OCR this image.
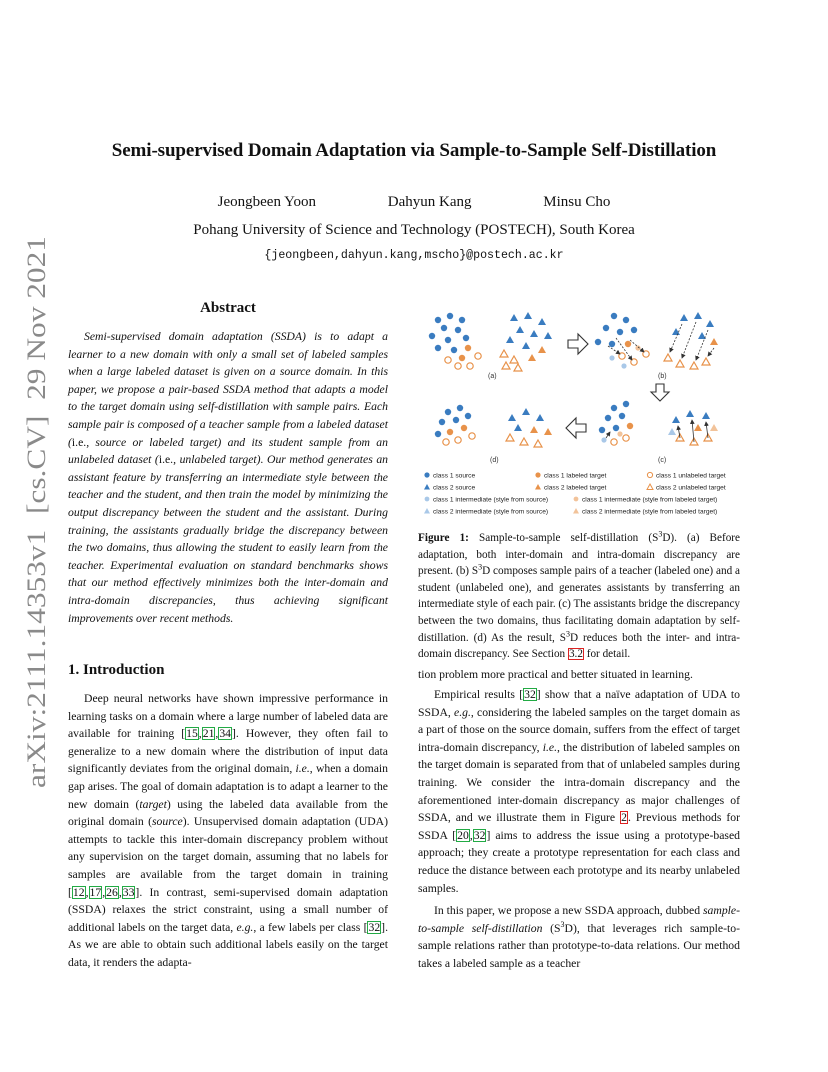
arXiv:2111.14353v1  [cs.CV]  29 Nov 2021
Semi-supervised Domain Adaptation via Sample-to-Sample Self-Distillation
Jeongbeen Yoon	Dahyun Kang	Minsu Cho
Pohang University of Science and Technology (POSTECH), South Korea
{jeongbeen,dahyun.kang,mscho}@postech.ac.kr
Abstract

Semi-supervised domain adaptation (SSDA) is to adapt a learner to a new domain with only a small set of labeled samples when a large labeled dataset is given on a source domain. In this paper, we propose a pair-based SSDA method that adapts a model to the target domain using self-distillation with sample pairs. Each sample pair is composed of a teacher sample from a labeled dataset (i.e., source or labeled target) and its student sample from an unlabeled dataset (i.e., unlabeled target). Our method generates an assistant feature by transferring an intermediate style between the teacher and the student, and then train the model by minimizing the output discrepancy between the student and the assistant. During training, the assistants gradually bridge the discrepancy between the two domains, thus allowing the student to easily learn from the teacher. Experimental evaluation on standard benchmarks shows that our method effectively minimizes both the inter-domain and intra-domain discrepancies, thus achieving significant improvements over recent methods.

1. Introduction

Deep neural networks have shown impressive performance in learning tasks on a domain where a large number of labeled data are available for training [15,21,34]. However, they often fail to generalize to a new domain where the distribution of input data significantly deviates from the original domain, i.e., when a domain gap arises. The goal of domain adaptation is to adapt a learner to the new domain (target) using the labeled data available from the original domain (source). Unsupervised domain adaptation (UDA) attempts to tackle this inter-domain discrepancy problem without any supervision on the target domain, assuming that no labels for samples are available from the target domain in training [12,17,26,33]. In contrast, semi-supervised domain adaptation (SSDA) relaxes the strict constraint, using a small number of additional labels on the target data, e.g., a few labels per class [32]. As we are able to obtain such additional labels easily on the target data, it renders the adapta-

(a)	(b)
(c)
(d)
class 1 source	class 1 labeled target	class 1 unlabeled target
class 2 source	class 2 labeled target	class 2 unlabeled target
class 1 intermediate (style from source)	class 1 intermediate (style from labeled target)
class 2 intermediate (style from source)	class 2 intermediate (style from labeled target)

Figure 1: Sample-to-sample self-distillation $(S^3D)$. (a) Before adaptation, both inter-domain and intra-domain discrepancy are present. (b) $S^3D$ composes sample pairs of a teacher (labeled one) and a student (unlabeled one), and generates assistants by transferring an intermediate style of each pair. (c) The assistants bridge the discrepancy between the two domains, thus facilitating domain adaptation by self-distillation. (d) As the result, $S^3D$ reduces both the inter- and intra-domain discrepancy. See Section 3.2 for detail.

tion problem more practical and better situated in learning.

Empirical results [32] show that a naïve adaptation of UDA to SSDA, e.g., considering the labeled samples on the target domain as a part of those on the source domain, suffers from the effect of target intra-domain discrepancy, i.e., the distribution of labeled samples on the target domain is separated from that of unlabeled samples during training. We consider the intra-domain discrepancy and the aforementioned inter-domain discrepancy as major challenges of SSDA, and we illustrate them in Figure 2. Previous methods for SSDA [20,32] aims to address the issue using a prototype-based approach; they create a prototype representation for each class and reduce the distance between each prototype and its nearby unlabeled samples.

In this paper, we propose a new SSDA approach, dubbed sample-to-sample self-distillation $(S^3D)$, that leverages rich sample-to-sample relations rather than prototype-to-data relations. Our method takes a labeled sample as a teacher
